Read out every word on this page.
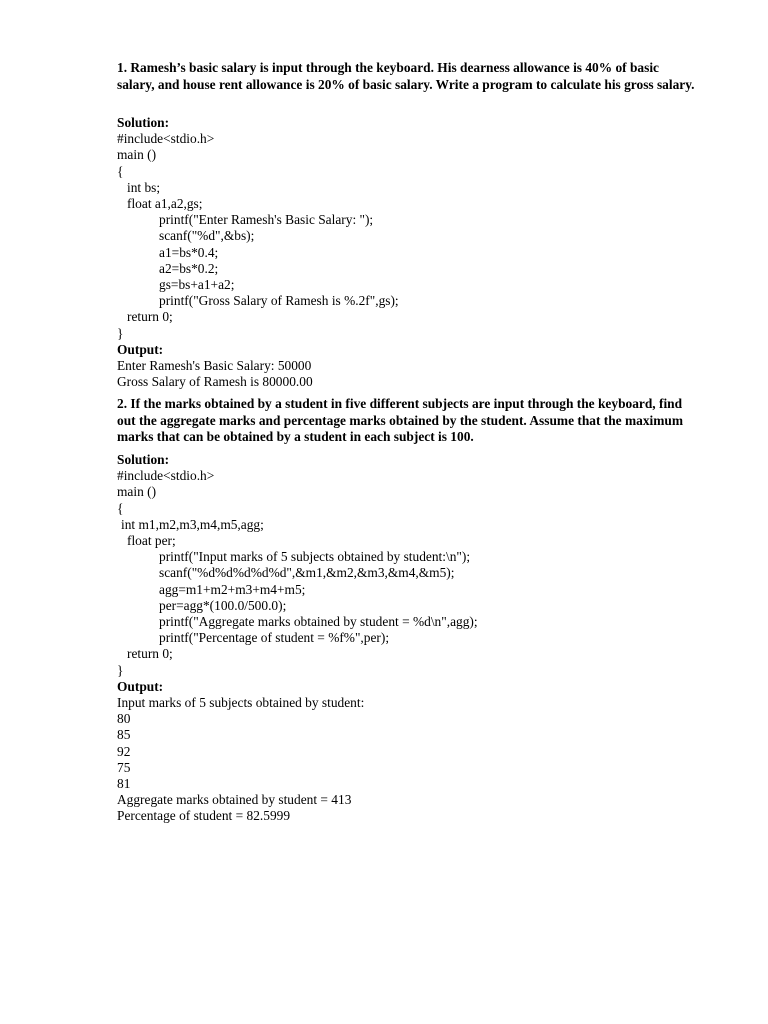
1. Ramesh’s basic salary is input through the keyboard. His dearness allowance is 40% of basic salary, and house rent allowance is 20% of basic salary. Write a program to calculate his gross salary.
Solution:
#include<stdio.h>
main ()
{
int bs;
float a1,a2,gs;
printf("Enter Ramesh's Basic Salary: ");
scanf("%d",&bs);
a1=bs*0.4;
a2=bs*0.2;
gs=bs+a1+a2;
printf("Gross Salary of Ramesh is %.2f",gs);
return 0;
}
Output:
Enter Ramesh's Basic Salary: 50000
Gross Salary of Ramesh is 80000.00
2. If the marks obtained by a student in five different subjects are input through the keyboard, find out the aggregate marks and percentage marks obtained by the student. Assume that the maximum marks that can be obtained by a student in each subject is 100.
Solution:
#include<stdio.h>
main ()
{
int m1,m2,m3,m4,m5,agg;
float per;
printf("Input marks of 5 subjects obtained by student:\n");
scanf("%d%d%d%d%d",&m1,&m2,&m3,&m4,&m5);
agg=m1+m2+m3+m4+m5;
per=agg*(100.0/500.0);
printf("Aggregate marks obtained by student = %d\n",agg);
printf("Percentage of student = %f%",per);
return 0;
}
Output:
Input marks of 5 subjects obtained by student:
80
85
92
75
81
Aggregate marks obtained by student = 413
Percentage of student = 82.5999
